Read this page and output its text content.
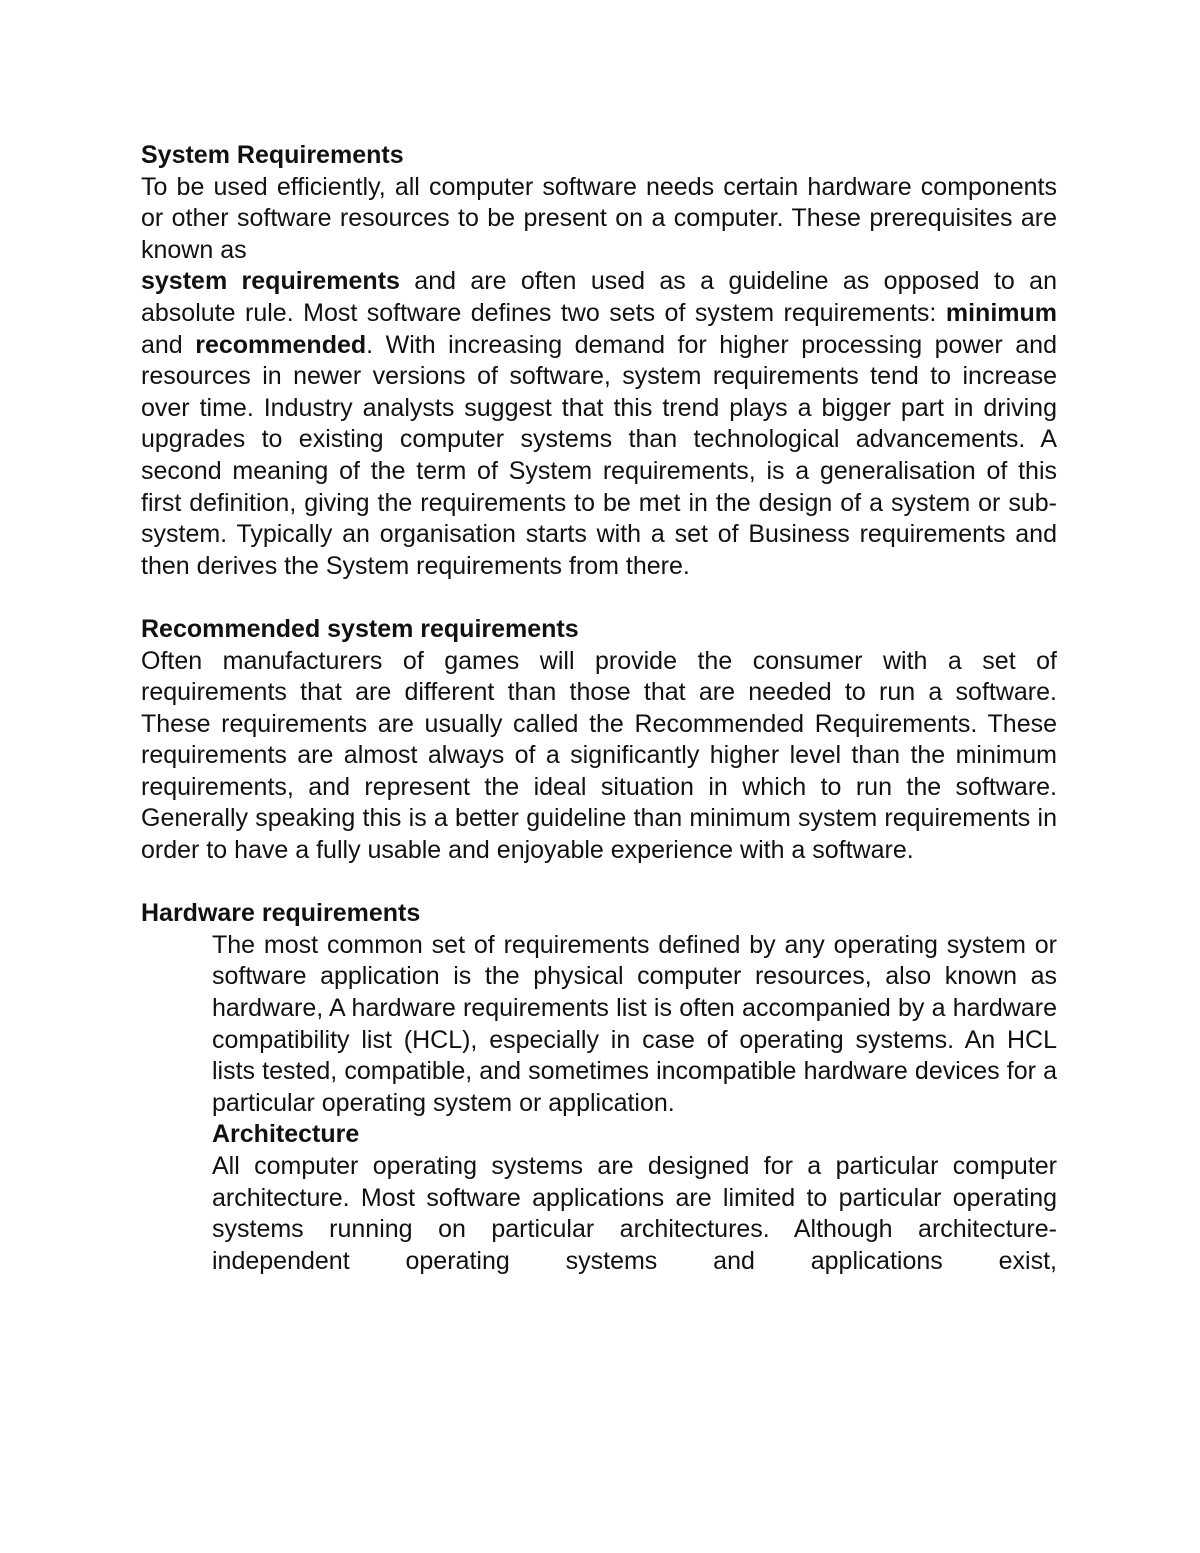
System Requirements

To be used efficiently, all computer software needs certain hardware components or other software resources to be present on a computer. These prerequisites are known as

system requirements and are often used as a guideline as opposed to an absolute rule. Most software defines two sets of system requirements: minimum and recommended. With increasing demand for higher processing power and resources in newer versions of software, system requirements tend to increase over time. Industry analysts suggest that this trend plays a bigger part in driving upgrades to existing computer systems than technological advancements. A second meaning of the term of System requirements, is a generalisation of this first definition, giving the requirements to be met in the design of a system or sub-system. Typically an organisation starts with a set of Business requirements and then derives the System requirements from there.

Recommended system requirements

Often manufacturers of games will provide the consumer with a set of requirements that are different than those that are needed to run a software. These requirements are usually called the Recommended Requirements. These requirements are almost always of a significantly higher level than the minimum requirements, and represent the ideal situation in which to run the software. Generally speaking this is a better guideline than minimum system requirements in order to have a fully usable and enjoyable experience with a software.

Hardware requirements

The most common set of requirements defined by any operating system or software application is the physical computer resources, also known as hardware, A hardware requirements list is often accompanied by a hardware compatibility list (HCL), especially in case of operating systems. An HCL lists tested, compatible, and sometimes incompatible hardware devices for a particular operating system or application.

Architecture

All computer operating systems are designed for a particular computer architecture. Most software applications are limited to particular operating systems running on particular architectures. Although architecture-independent operating systems and applications exist,
